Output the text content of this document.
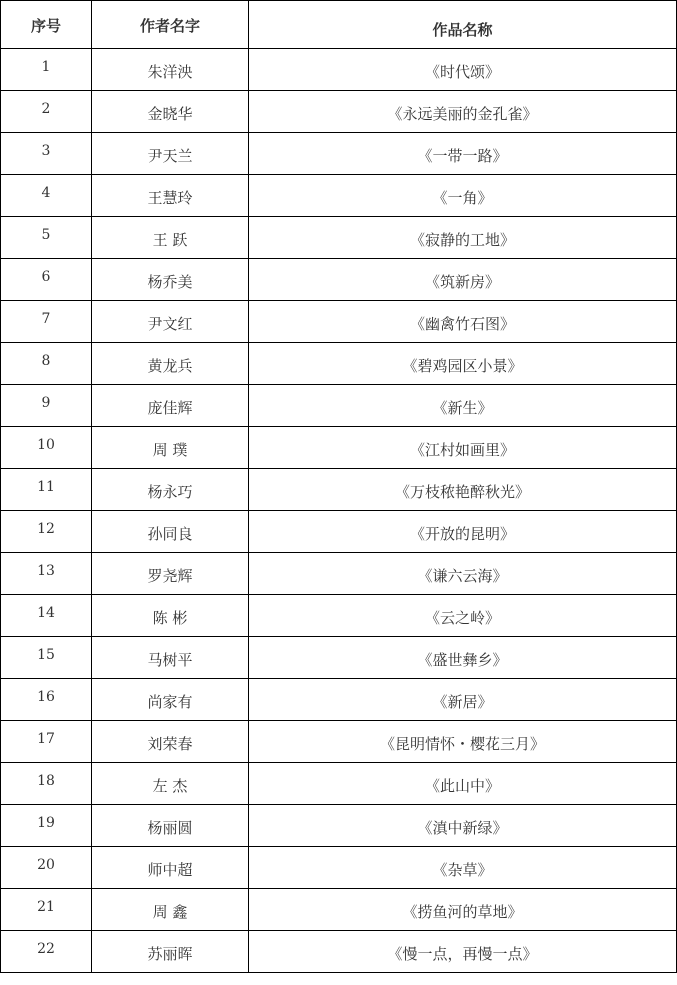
序号	作者名字	作品名称
1	朱洋泱	《时代颂》
2	金晓华	《永远美丽的金孔雀》
3	尹天兰	《一带一路》
4	王慧玲	《一角》
5	王 跃	《寂静的工地》
6	杨乔美	《筑新房》
7	尹文红	《幽禽竹石图》
8	黄龙兵	《碧鸡园区小景》
9	庞佳辉	《新生》
10	周 璞	《江村如画里》
11	杨永巧	《万枝秾艳醉秋光》
12	孙同良	《开放的昆明》
13	罗尧辉	《谦六云海》
14	陈 彬	《云之岭》
15	马树平	《盛世彝乡》
16	尚家有	《新居》
17	刘荣春	《昆明情怀・樱花三月》
18	左 杰	《此山中》
19	杨丽圆	《滇中新绿》
20	师中超	《杂草》
21	周 鑫	《捞鱼河的草地》
22	苏丽晖	《慢一点，再慢一点》
